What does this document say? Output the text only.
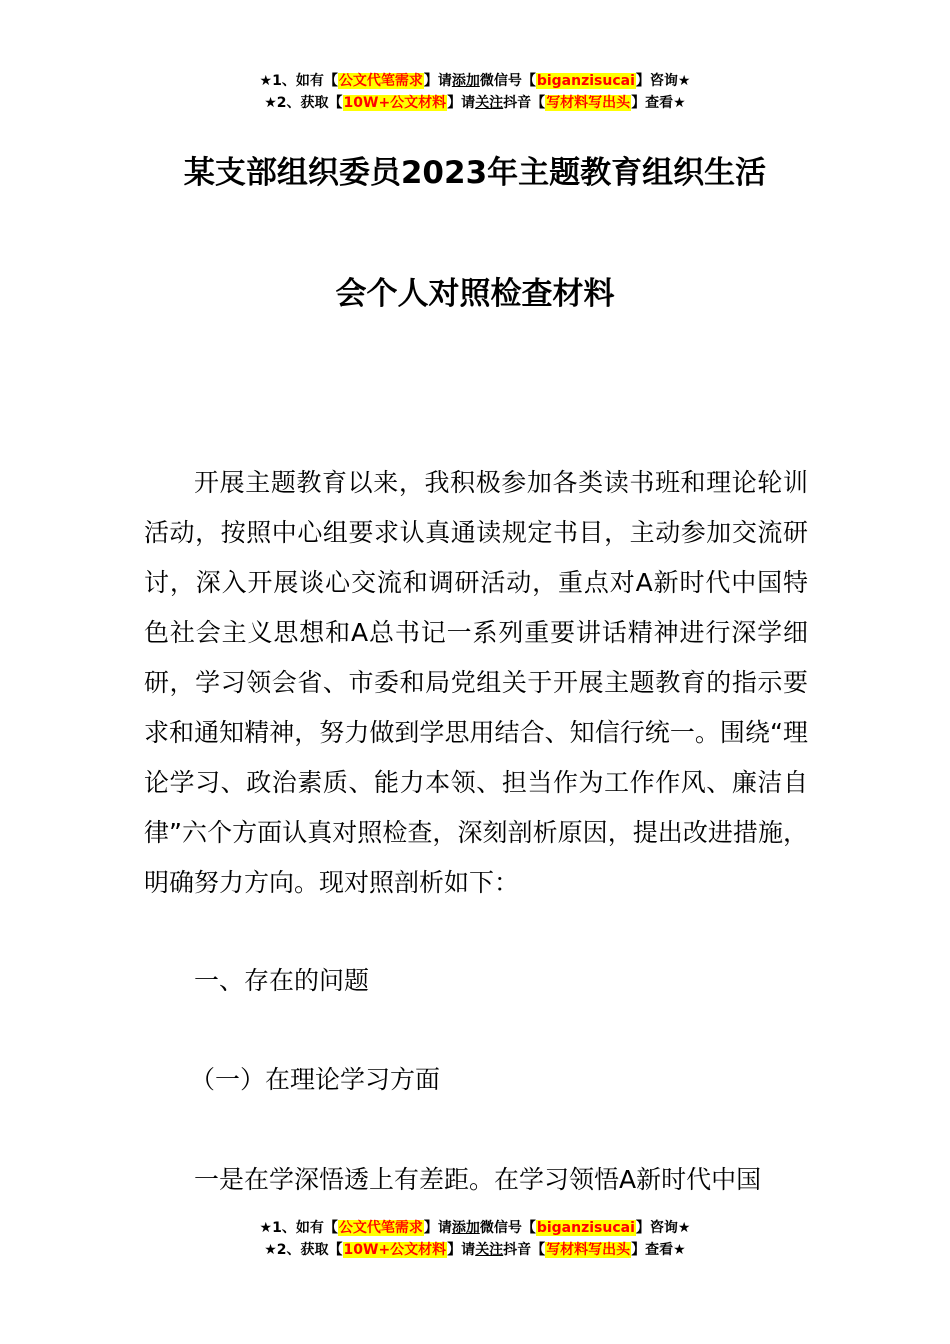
★1、如有【公文代笔需求】请添加微信号【biganzisucai】咨询★
★2、获取【10W+公文材料】请关注抖音【写材料写出头】查看★
某支部组织委员2023年主题教育组织生活
会个人对照检查材料
开展主题教育以来，我积极参加各类读书班和理论轮训活动，按照中心组要求认真通读规定书目，主动参加交流研讨，深入开展谈心交流和调研活动，重点对A新时代中国特色社会主义思想和A总书记一系列重要讲话精神进行深学细研，学习领会省、市委和局党组关于开展主题教育的指示要求和通知精神，努力做到学思用结合、知信行统一。围绕“理论学习、政治素质、能力本领、担当作为工作作风、廉洁自律”六个方面认真对照检查，深刻剖析原因，提出改进措施，明确努力方向。现对照剖析如下：
一、存在的问题
（一）在理论学习方面
一是在学深悟透上有差距。在学习领悟A新时代中国
★1、如有【公文代笔需求】请添加微信号【biganzisucai】咨询★
★2、获取【10W+公文材料】请关注抖音【写材料写出头】查看★
